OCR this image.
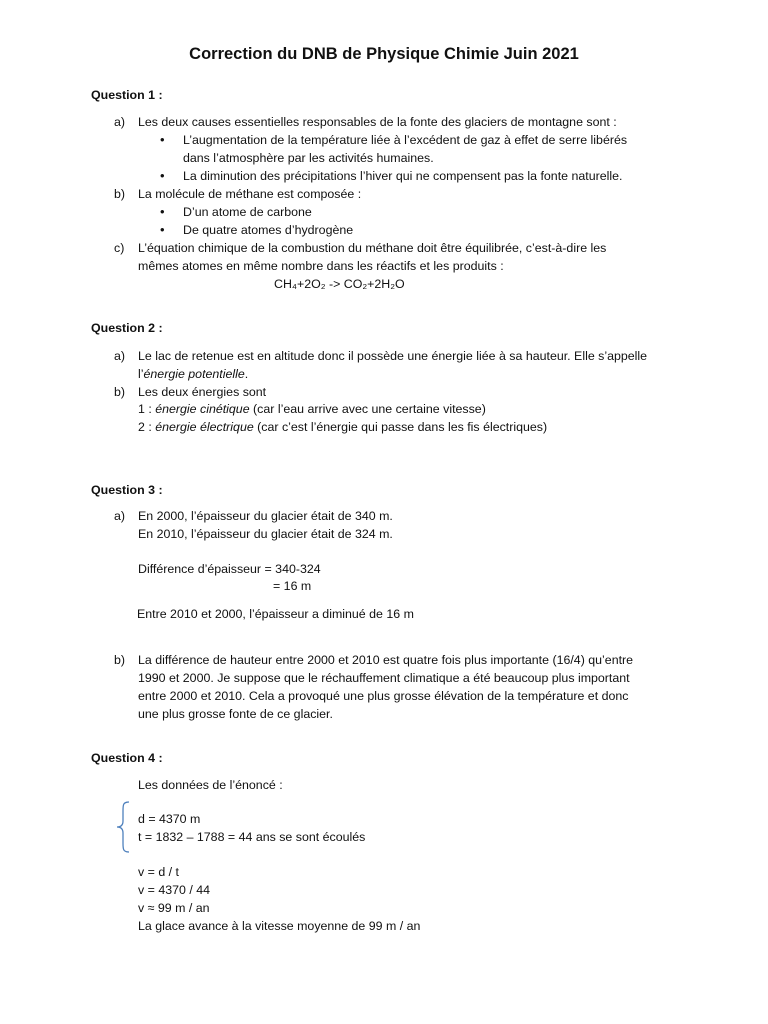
Correction du DNB de Physique Chimie Juin 2021
Question 1 :
a) Les deux causes essentielles responsables de la fonte des glaciers de montagne sont :
• L’augmentation de la température liée à l’excédent de gaz à effet de serre libérés
dans l’atmosphère par les activités humaines.
• La diminution des précipitations l’hiver qui ne compensent pas la fonte naturelle.
b) La molécule de méthane est composée :
• D’un atome de carbone
• De quatre atomes d’hydrogène
c) L’équation chimique de la combustion du méthane doit être équilibrée, c’est-à-dire les
mêmes atomes en même nombre dans les réactifs et les produits :
CH₄+2O₂ -> CO₂+2H₂O
Question 2 :
a) Le lac de retenue est en altitude donc il possède une énergie liée à sa hauteur. Elle s’appelle
l’énergie potentielle.
b) Les deux énergies sont
1 : énergie cinétique (car l’eau arrive avec une certaine vitesse)
2 : énergie électrique (car c’est l’énergie qui passe dans les fis électriques)
Question 3 :
a) En 2000, l’épaisseur du glacier était de 340 m.
En 2010, l’épaisseur du glacier était de 324 m.
Différence d’épaisseur = 340-324
= 16 m
Entre 2010 et 2000, l’épaisseur a diminué de 16 m
b) La différence de hauteur entre 2000 et 2010 est quatre fois plus importante (16/4) qu’entre
1990 et 2000. Je suppose que le réchauffement climatique a été beaucoup plus important
entre 2000 et 2010. Cela a provoqué une plus grosse élévation de la température et donc
une plus grosse fonte de ce glacier.
Question 4 :
Les données de l’énoncé :
d = 4370 m
t = 1832 – 1788 = 44 ans se sont écoulés
v = d / t
v = 4370 / 44
v ≈ 99 m / an
La glace avance à la vitesse moyenne de 99 m / an
